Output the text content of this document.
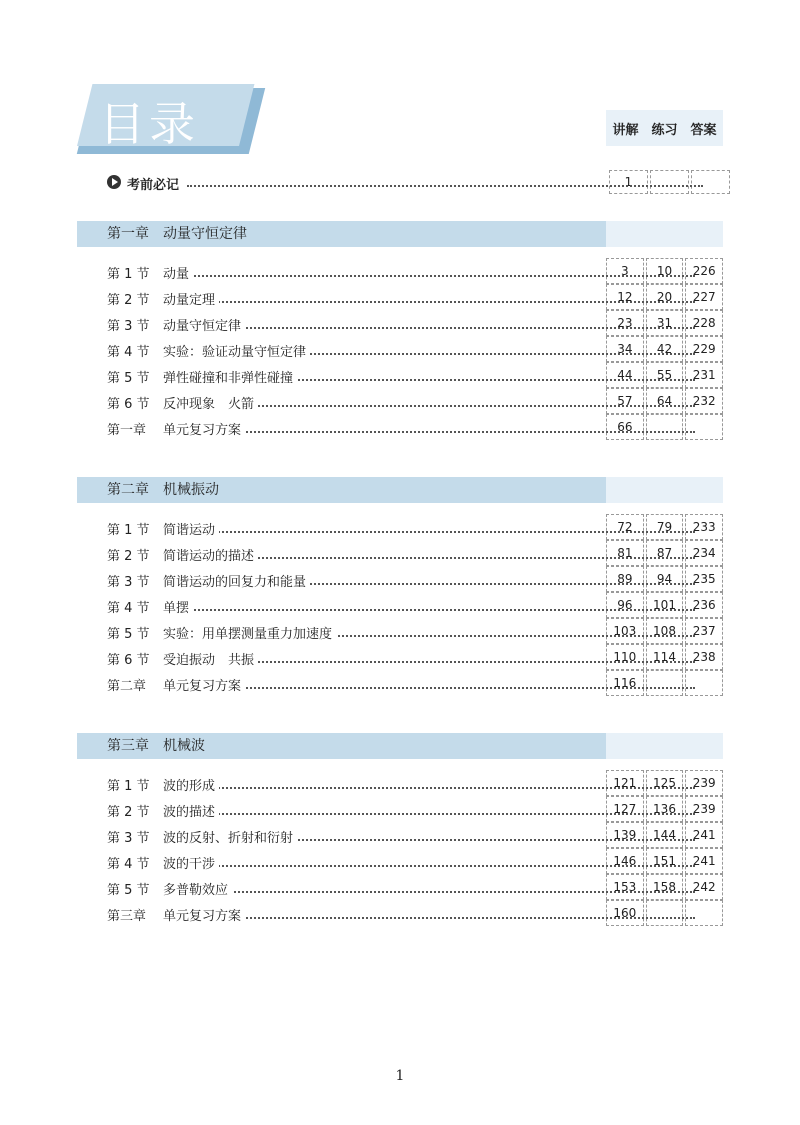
目录	讲解 练习 答案
考前必记	1
第一章　动量守恒定律
第 1 节 动量	3	10	226
第 2 节 动量定理	12	20	227
第 3 节 动量守恒定律	23	31	228
第 4 节 实验：验证动量守恒定律	34	42	229
第 5 节 弹性碰撞和非弹性碰撞	44	55	231
第 6 节 反冲现象　火箭	57	64	232
第一章 单元复习方案	66
第二章　机械振动
第 1 节 简谐运动	72	79	233
第 2 节 简谐运动的描述	81	87	234
第 3 节 简谐运动的回复力和能量	89	94	235
第 4 节 单摆	96	101	236
第 5 节 实验：用单摆测量重力加速度	103	108	237
第 6 节 受迫振动　共振	110	114	238
第二章 单元复习方案	116
第三章　机械波
第 1 节 波的形成	121	125	239
第 2 节 波的描述	127	136	239
第 3 节 波的反射、折射和衍射	139	144	241
第 4 节 波的干涉	146	151	241
第 5 节 多普勒效应	153	158	242
第三章 单元复习方案	160
1
